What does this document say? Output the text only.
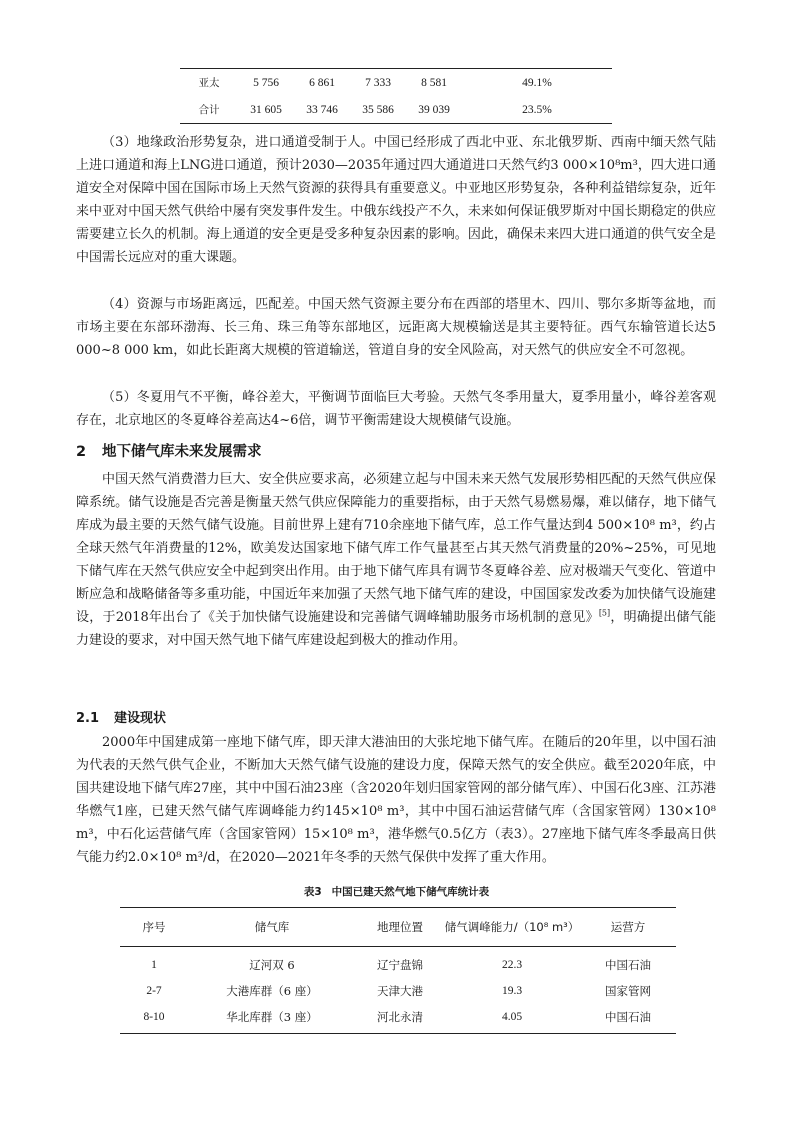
亚太	5 756	6 861	7 333	8 581	49.1%
合计	31 605	33 746	35 586	39 039	23.5%

（3）地缘政治形势复杂，进口通道受制于人。中国已经形成了西北中亚、东北俄罗斯、西南中缅天然气陆上进口通道和海上LNG进口通道，预计2030—2035年通过四大通道进口天然气约3 000×10⁸m³，四大进口通道安全对保障中国在国际市场上天然气资源的获得具有重要意义。中亚地区形势复杂，各种利益错综复杂，近年来中亚对中国天然气供给中屡有突发事件发生。中俄东线投产不久，未来如何保证俄罗斯对中国长期稳定的供应需要建立长久的机制。海上通道的安全更是受多种复杂因素的影响。因此，确保未来四大进口通道的供气安全是中国需长远应对的重大课题。

（4）资源与市场距离远，匹配差。中国天然气资源主要分布在西部的塔里木、四川、鄂尔多斯等盆地，而市场主要在东部环渤海、长三角、珠三角等东部地区，远距离大规模输送是其主要特征。西气东输管道长达5 000~8 000 km，如此长距离大规模的管道输送，管道自身的安全风险高，对天然气的供应安全不可忽视。

（5）冬夏用气不平衡，峰谷差大，平衡调节面临巨大考验。天然气冬季用量大，夏季用量小，峰谷差客观存在，北京地区的冬夏峰谷差高达4~6倍，调节平衡需建设大规模储气设施。

2 地下储气库未来发展需求

中国天然气消费潜力巨大、安全供应要求高，必须建立起与中国未来天然气发展形势相匹配的天然气供应保障系统。储气设施是否完善是衡量天然气供应保障能力的重要指标，由于天然气易燃易爆，难以储存，地下储气库成为最主要的天然气储气设施。目前世界上建有710余座地下储气库，总工作气量达到4 500×10⁸ m³，约占全球天然气年消费量的12%，欧美发达国家地下储气库工作气量甚至占其天然气消费量的20%~25%，可见地下储气库在天然气供应安全中起到突出作用。由于地下储气库具有调节冬夏峰谷差、应对极端天气变化、管道中断应急和战略储备等多重功能，中国近年来加强了天然气地下储气库的建设，中国国家发改委为加快储气设施建设，于2018年出台了《关于加快储气设施建设和完善储气调峰辅助服务市场机制的意见》[5]，明确提出储气能力建设的要求，对中国天然气地下储气库建设起到极大的推动作用。

2.1 建设现状

2000年中国建成第一座地下储气库，即天津大港油田的大张坨地下储气库。在随后的20年里，以中国石油为代表的天然气供气企业，不断加大天然气储气设施的建设力度，保障天然气的安全供应。截至2020年底，中国共建设地下储气库27座，其中中国石油23座（含2020年划归国家管网的部分储气库）、中国石化3座、江苏港华燃气1座，已建天然气储气库调峰能力约145×10⁸ m³，其中中国石油运营储气库（含国家管网）130×10⁸ m³，中石化运营储气库（含国家管网）15×10⁸ m³，港华燃气0.5亿方（表3）。27座地下储气库冬季最高日供气能力约2.0×10⁸ m³/d，在2020—2021年冬季的天然气保供中发挥了重大作用。

表3 中国已建天然气地下储气库统计表
序号	储气库	地理位置	储气调峰能力/（10⁸ m³）	运营方
1	辽河双 6	辽宁盘锦	22.3	中国石油
2-7	大港库群（6 座）	天津大港	19.3	国家管网
8-10	华北库群（3 座）	河北永清	4.05	中国石油
